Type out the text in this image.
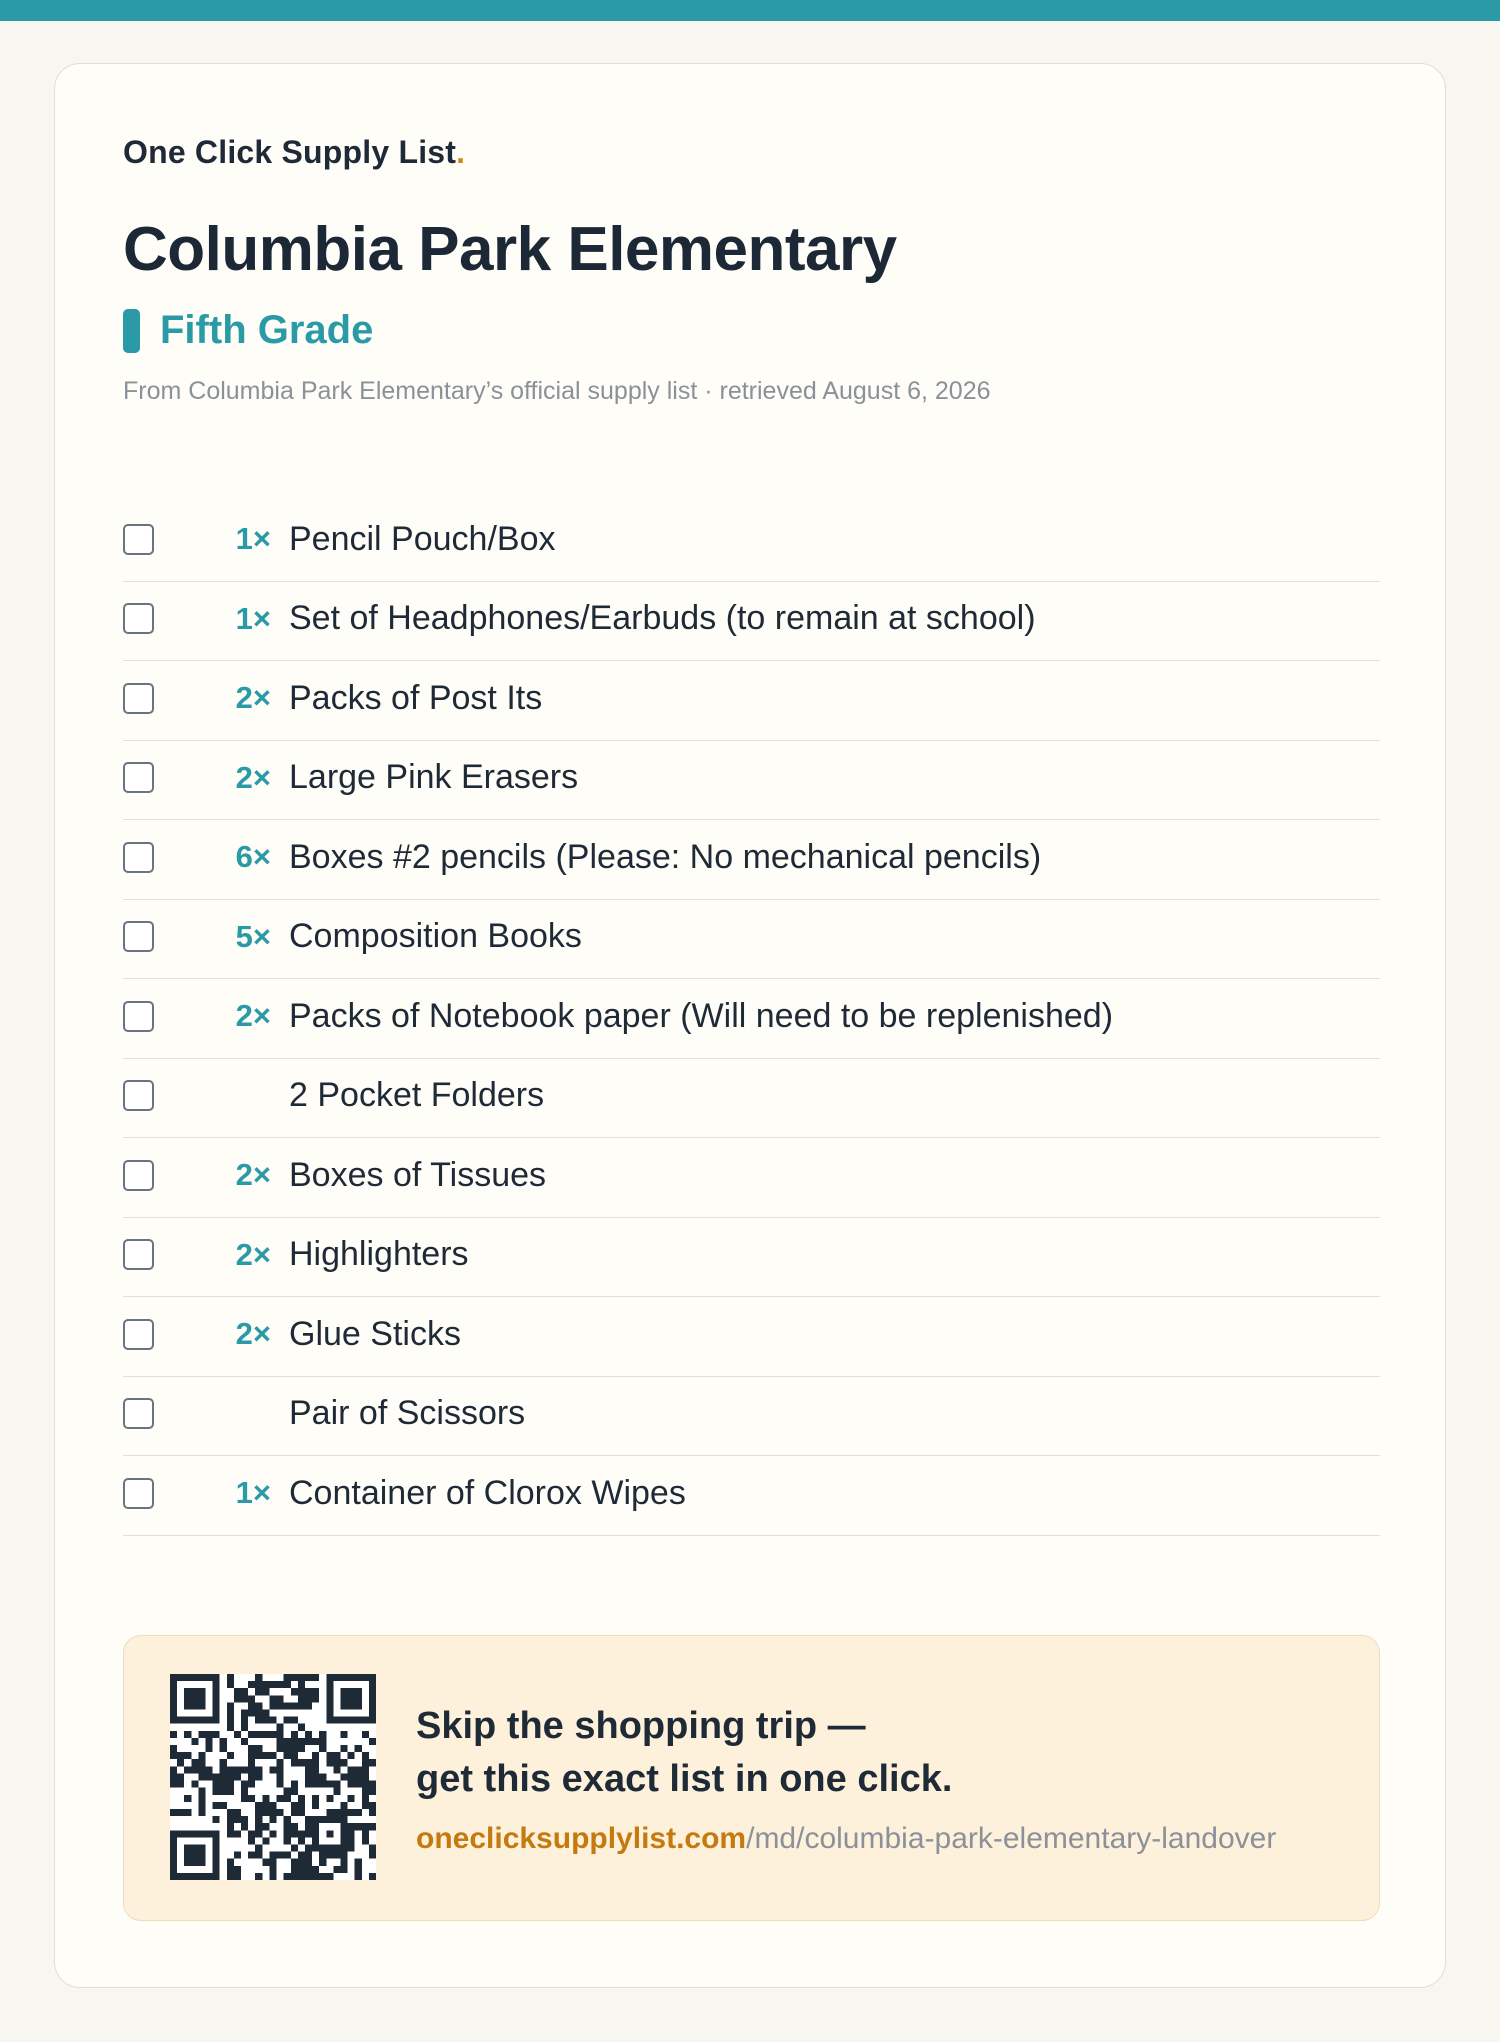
One Click Supply List.
Columbia Park Elementary
Fifth Grade
From Columbia Park Elementary’s official supply list · retrieved August 6, 2026
1× Pencil Pouch/Box
1× Set of Headphones/Earbuds (to remain at school)
2× Packs of Post Its
2× Large Pink Erasers
6× Boxes #2 pencils (Please: No mechanical pencils)
5× Composition Books
2× Packs of Notebook paper (Will need to be replenished)
2 Pocket Folders
2× Boxes of Tissues
2× Highlighters
2× Glue Sticks
Pair of Scissors
1× Container of Clorox Wipes
Skip the shopping trip —
get this exact list in one click.
oneclicksupplylist.com/md/columbia-park-elementary-landover
